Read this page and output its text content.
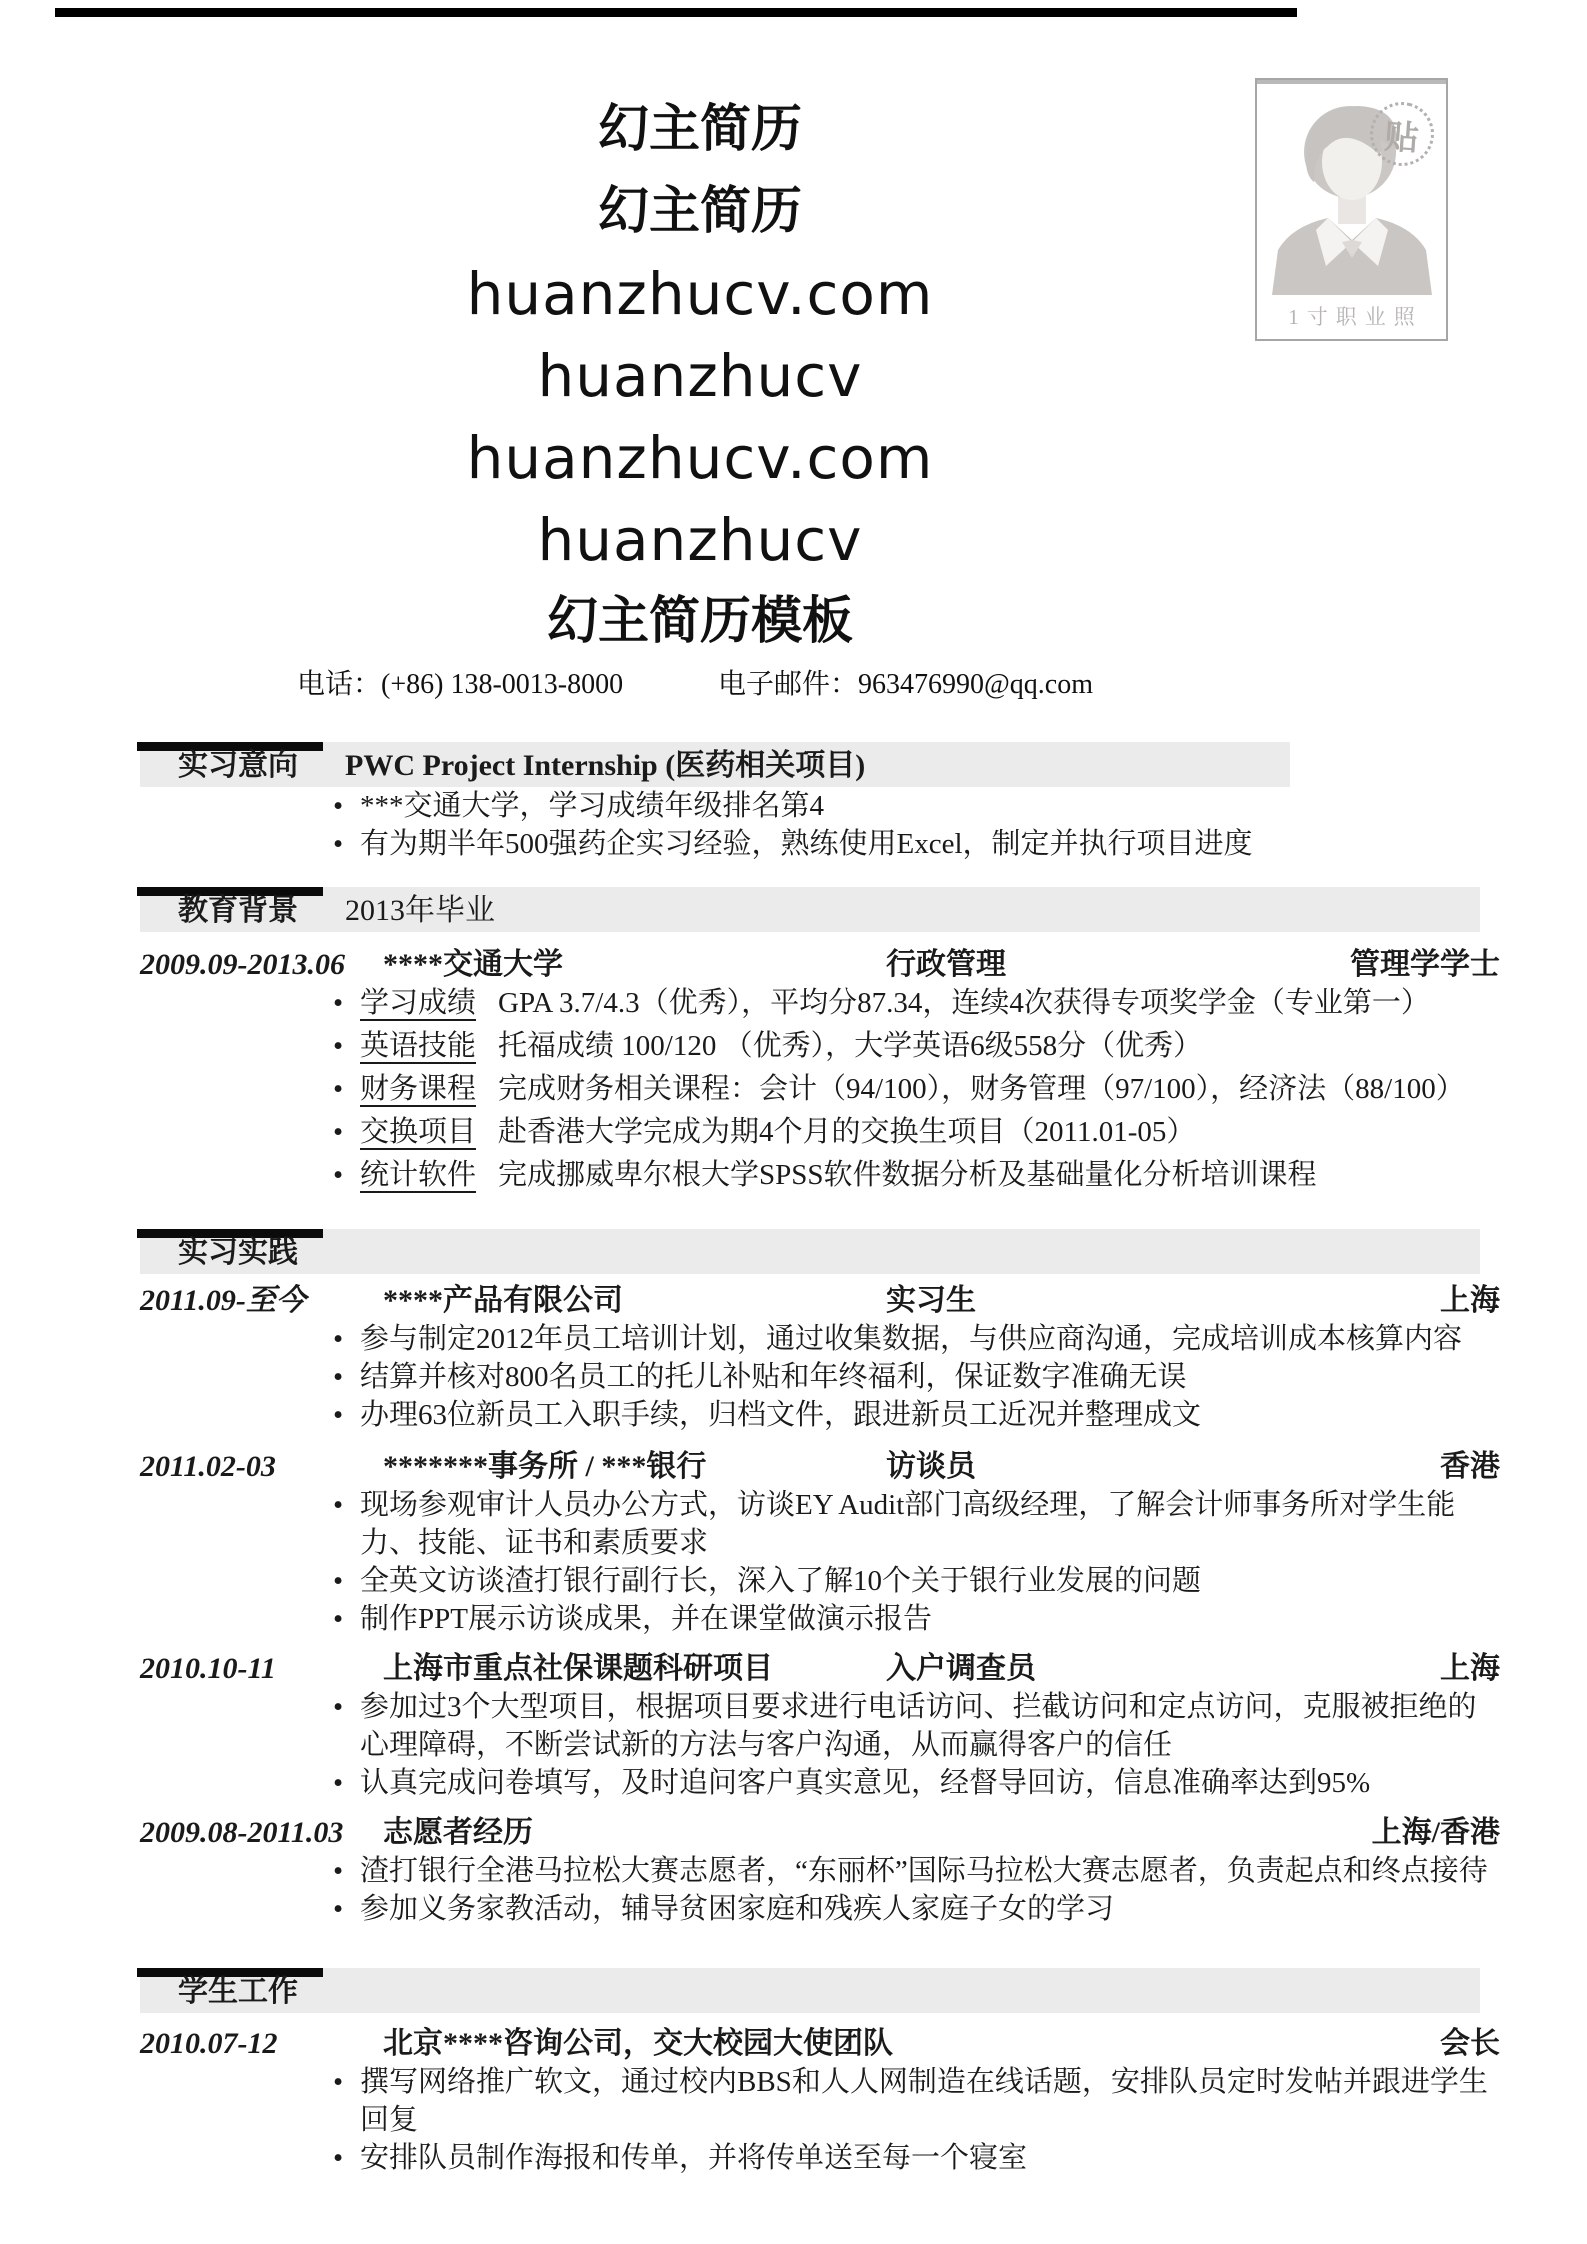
幻主简历
幻主简历
huanzhucv.com
huanzhucv
huanzhucv.com
huanzhucv
幻主简历模板
贴
1寸职业照
电话：(+86) 138-0013-8000	电子邮件：963476990@qq.com
实习意向 PWC Project Internship (医药相关项目)
• ***交通大学，学习成绩年级排名第4
• 有为期半年500强药企实习经验，熟练使用Excel，制定并执行项目进度
教育背景 2013年毕业
2009.09-2013.06	****交通大学	行政管理	管理学学士
• 学习成绩 GPA 3.7/4.3（优秀），平均分87.34，连续4次获得专项奖学金（专业第一）
• 英语技能 托福成绩 100/120 （优秀），大学英语6级558分（优秀）
• 财务课程 完成财务相关课程：会计（94/100），财务管理（97/100），经济法（88/100）
• 交换项目 赴香港大学完成为期4个月的交换生项目（2011.01-05）
• 统计软件 完成挪威卑尔根大学SPSS软件数据分析及基础量化分析培训课程
实习实践
2011.09-至今	****产品有限公司	实习生	上海
• 参与制定2012年员工培训计划，通过收集数据，与供应商沟通，完成培训成本核算内容
• 结算并核对800名员工的托儿补贴和年终福利，保证数字准确无误
• 办理63位新员工入职手续，归档文件，跟进新员工近况并整理成文
2011.02-03	*******事务所 / ***银行	访谈员	香港
• 现场参观审计人员办公方式，访谈EY Audit部门高级经理，了解会计师事务所对学生能力、技能、证书和素质要求
• 全英文访谈渣打银行副行长，深入了解10个关于银行业发展的问题
• 制作PPT展示访谈成果，并在课堂做演示报告
2010.10-11	上海市重点社保课题科研项目	入户调查员	上海
• 参加过3个大型项目，根据项目要求进行电话访问、拦截访问和定点访问，克服被拒绝的心理障碍，不断尝试新的方法与客户沟通，从而赢得客户的信任
• 认真完成问卷填写，及时追问客户真实意见，经督导回访，信息准确率达到95%
2009.08-2011.03	志愿者经历	上海/香港
• 渣打银行全港马拉松大赛志愿者，“东丽杯”国际马拉松大赛志愿者，负责起点和终点接待
• 参加义务家教活动，辅导贫困家庭和残疾人家庭子女的学习
学生工作
2010.07-12	北京****咨询公司，交大校园大使团队	会长
• 撰写网络推广软文，通过校内BBS和人人网制造在线话题，安排队员定时发帖并跟进学生回复
• 安排队员制作海报和传单，并将传单送至每一个寝室
